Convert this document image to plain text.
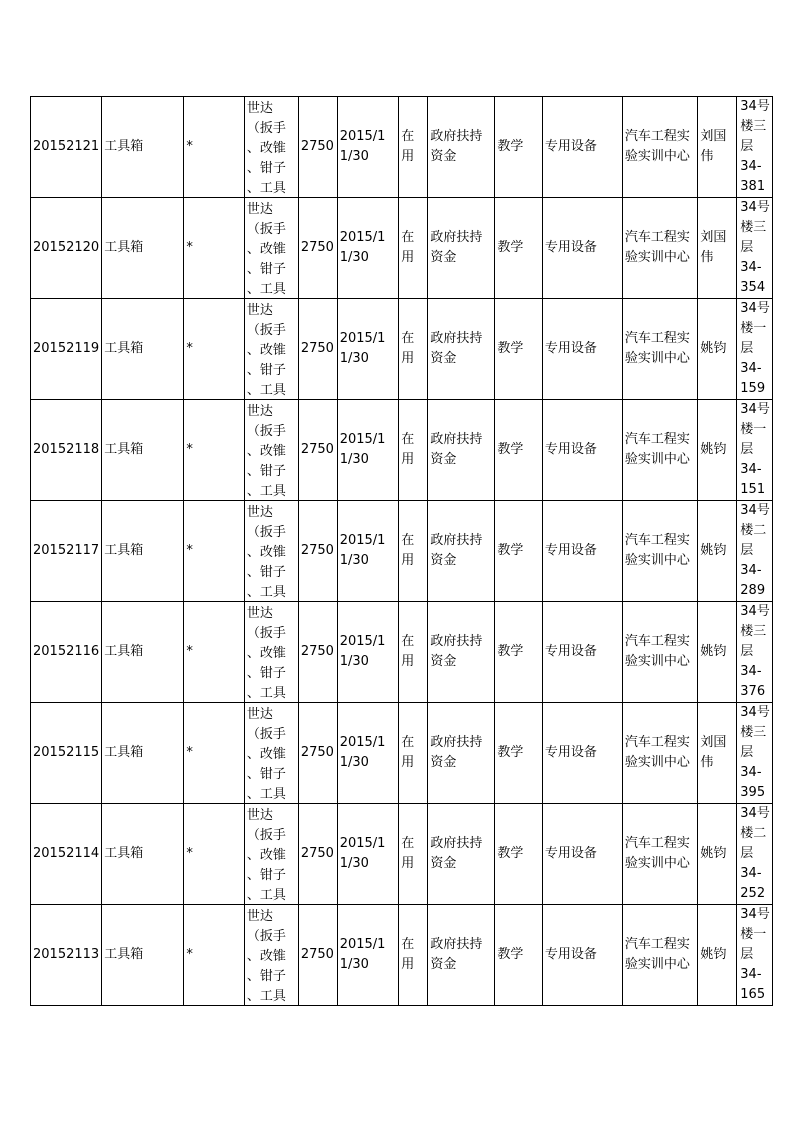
20152121	工具箱	*	世达
（扳手
、改锥
、钳子
、工具	2750	2015/11/30	在用	政府扶持资金	教学	专用设备	汽车工程实验实训中心	刘国伟	34号
楼三
层
34-
381

20152120	工具箱	*	世达
（扳手
、改锥
、钳子
、工具	2750	2015/11/30	在用	政府扶持资金	教学	专用设备	汽车工程实验实训中心	刘国伟	34号
楼三
层
34-
354

20152119	工具箱	*	世达
（扳手
、改锥
、钳子
、工具	2750	2015/11/30	在用	政府扶持资金	教学	专用设备	汽车工程实验实训中心	姚钧	34号
楼一
层
34-
159

20152118	工具箱	*	世达
（扳手
、改锥
、钳子
、工具	2750	2015/11/30	在用	政府扶持资金	教学	专用设备	汽车工程实验实训中心	姚钧	34号
楼一
层
34-
151

20152117	工具箱	*	世达
（扳手
、改锥
、钳子
、工具	2750	2015/11/30	在用	政府扶持资金	教学	专用设备	汽车工程实验实训中心	姚钧	34号
楼二
层
34-
289

20152116	工具箱	*	世达
（扳手
、改锥
、钳子
、工具	2750	2015/11/30	在用	政府扶持资金	教学	专用设备	汽车工程实验实训中心	姚钧	34号
楼三
层
34-
376

20152115	工具箱	*	世达
（扳手
、改锥
、钳子
、工具	2750	2015/11/30	在用	政府扶持资金	教学	专用设备	汽车工程实验实训中心	刘国伟	34号
楼三
层
34-
395

20152114	工具箱	*	世达
（扳手
、改锥
、钳子
、工具	2750	2015/11/30	在用	政府扶持资金	教学	专用设备	汽车工程实验实训中心	姚钧	34号
楼二
层
34-
252

20152113	工具箱	*	世达
（扳手
、改锥
、钳子
、工具	2750	2015/11/30	在用	政府扶持资金	教学	专用设备	汽车工程实验实训中心	姚钧	34号
楼一
层
34-
165
